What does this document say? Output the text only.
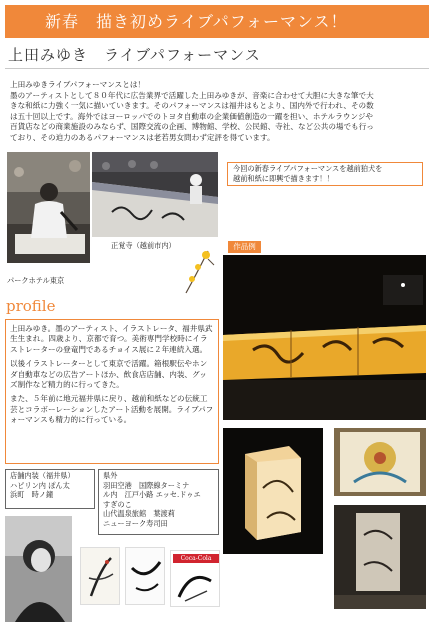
新春　描き初めライブパフォーマンス！
上田みゆき　ライブパフォーマンス
上田みゆきライブパフォーマンスとは！
墨のアーティストとして８０年代に広告業界で活躍した上田みゆきが、音楽に合わせて大胆に大きな筆で大
きな和紙に力強く一気に描いていきます。そのパフォーマンスは福井はもとより、国内外で行われ、その数
は五十回以上です。海外ではヨーロッパでのトヨタ自動車の企業価値創造の一躍を担い、ホテルラウンジや
百貨店などの商業施設のみならず、国際交流の企画、博物館、学校、公民館、寺社、など公共の場でも行っ
ており、その迫力のあるパフォーマンスは老若男女問わず定評を得ています。
パークホテル東京
正覚寺（越前市内）
今回の新春ライブパフォーマンスを越前狛犬を
越前和紙に即興で描きます！！
作品例
profile

上田みゆき。墨のアーティスト、イラストレータ、福井県武生生まれ。四歳より、京都で育つ。美術専門学校時にイラストレーターの登竜門であるチョイス展に２年連続入選。

以後イラストレーターとして東京で活躍。箱根駅伝やホンダ自動車などの広告アートほか、飲食店店舗、内装、グッズ制作など精力的に行ってきた。

また、５年前に地元福井県に戻り、越前和紙などの伝統工芸とコラボーレーションしたアート活動を展開。ライブパフォーマンスも精力的に行っている。

店舗内装（福井県）
ハピリン内 ぽん太
浜町　時ノ鐘
県外
羽田空港　国際線ターミナ
ル内　江戸小路 エッセ.ドゥエ
すぎのこ
山代温泉旅館　葉渡莉
ニューヨーク寿司田
Coca-Cola
